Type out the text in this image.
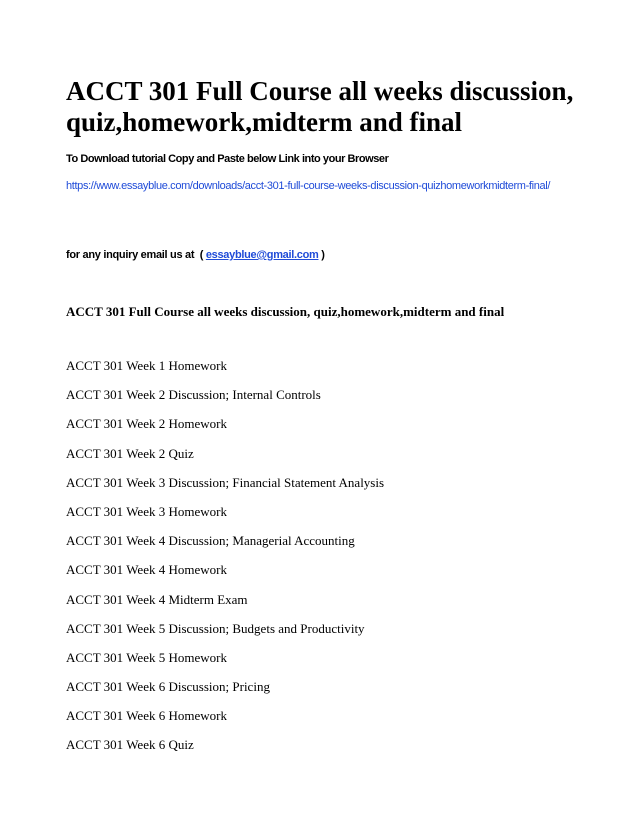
ACCT 301 Full Course all weeks discussion, quiz,homework,midterm and final
To Download tutorial Copy and Paste below Link into your Browser
https://www.essayblue.com/downloads/acct-301-full-course-weeks-discussion-quizhomeworkmidterm-final/
for any inquiry email us at  ( essayblue@gmail.com )
ACCT 301 Full Course all weeks discussion, quiz,homework,midterm and final
ACCT 301 Week 1 Homework
ACCT 301 Week 2 Discussion; Internal Controls
ACCT 301 Week 2 Homework
ACCT 301 Week 2 Quiz
ACCT 301 Week 3 Discussion; Financial Statement Analysis
ACCT 301 Week 3 Homework
ACCT 301 Week 4 Discussion; Managerial Accounting
ACCT 301 Week 4 Homework
ACCT 301 Week 4 Midterm Exam
ACCT 301 Week 5 Discussion; Budgets and Productivity
ACCT 301 Week 5 Homework
ACCT 301 Week 6 Discussion; Pricing
ACCT 301 Week 6 Homework
ACCT 301 Week 6 Quiz
